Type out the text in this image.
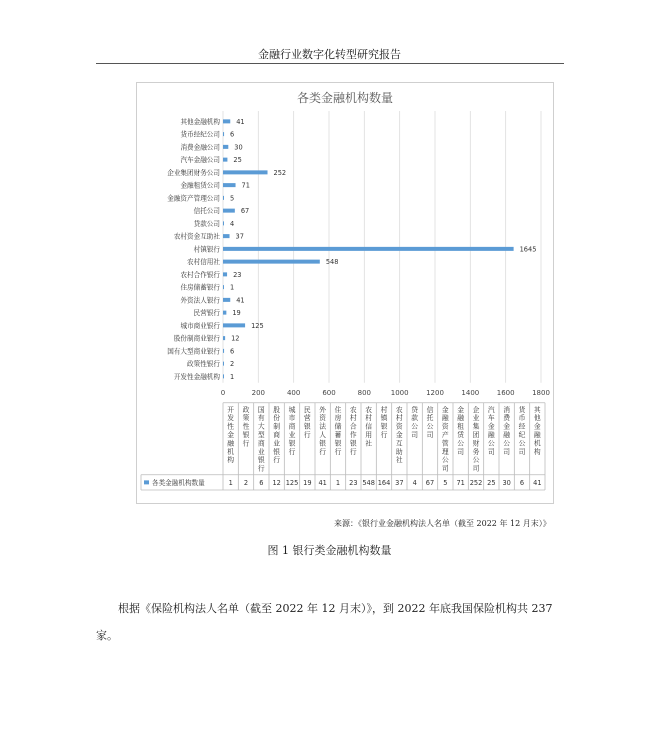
金融行业数字化转型研究报告
各类金融机构数量
0	200	400	600	800	1000	1200	1400	1600	1800
其他金融机构 41
货币经纪公司 6
消费金融公司 30
汽车金融公司 25
企业集团财务公司	252
金融租赁公司	71
金融资产管理公司 5
信托公司	67
贷款公司 4
农村资金互助社 37
村镇银行	1645
农村信用社	548
农村合作银行 23
住房储蓄银行 1
外资法人银行 41
民营银行 19
城市商业银行	125
股份制商业银行 12
国有大型商业银行 6
政策性银行 2
开发性金融机构 1
各类金融机构数量
开发性金融机构
1
政策性银行
2
国有大型商业银行
6
股份制商业银行
12
城市商业银行
125
民营银行
19
外资法人银行
41
住房储蓄银行
1
农村合作银行
23
农村信用社
548
村镇银行
164
农村资金互助社
37
贷款公司
4
信托公司
67
金融资产管理公司
5
金融租赁公司
71
企业集团财务公司
252
汽车金融公司
25
消费金融公司
30
货币经纪公司
6
其他金融机构
41
来源：《银行业金融机构法人名单（截至 2022 年 12 月末）》
图 1 银行类金融机构数量
根据《保险机构法人名单（截至 2022 年 12 月末）》，到 2022 年底我国保险机构共 237 家。
